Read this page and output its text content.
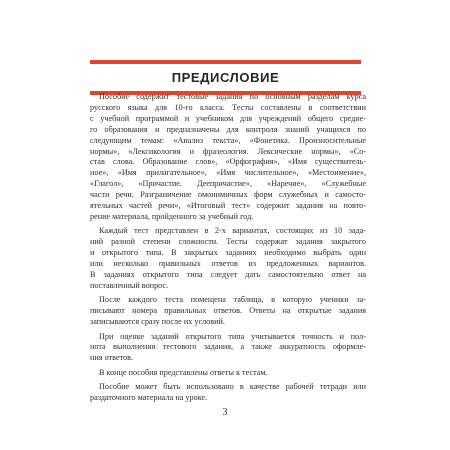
ПРЕДИСЛОВИЕ
Пособие содержит тестовые задания по основным разделам курса
русского языка для 10-го класса. Тесты составлены в соответствии
с учебной программой и учебником для учреждений общего средне-
го образования и предназначены для контроля знаний учащихся по
следующим темам: «Анализ текста», «Фонетика. Произносительные
нормы», «Лексикология и фразеология. Лексические нормы», «Со-
став слова. Образование слов», «Орфография», «Имя существитель-
ное», «Имя прилагательное», «Имя числительное», «Местоимение»,
«Глагол», «Причастие. Деепричастие», «Наречие», «Служебные
части речи. Разграничение омонимичных форм служебных и самосто-
ятельных частей речи», «Итоговый тест» содержит задания на повто-
рение материала, пройденного за учебный год.
Каждый тест представлен в 2-х вариантах, состоящих из 10 зада-
ний разной степени сложности. Тесты содержат задания закрытого
и открытого типа. В закрытых заданиях необходимо выбрать один
или несколько правильных ответов из предложенных вариантов.
В заданиях открытого типа следует дать самостоятельно ответ на
поставленный вопрос.
После каждого теста помещена таблица, в которую ученики за-
писывают номера правильных ответов. Ответы на открытые задания
записываются сразу после их условий.
При оценке заданий открытого типа учитывается точность и пол-
нота выполнения тестового задания, а также аккуратность оформле-
ния ответов.
В конце пособия представлены ответы к тестам.
Пособие может быть использовано в качестве рабочей тетради или
раздаточного материала на уроке.
3
